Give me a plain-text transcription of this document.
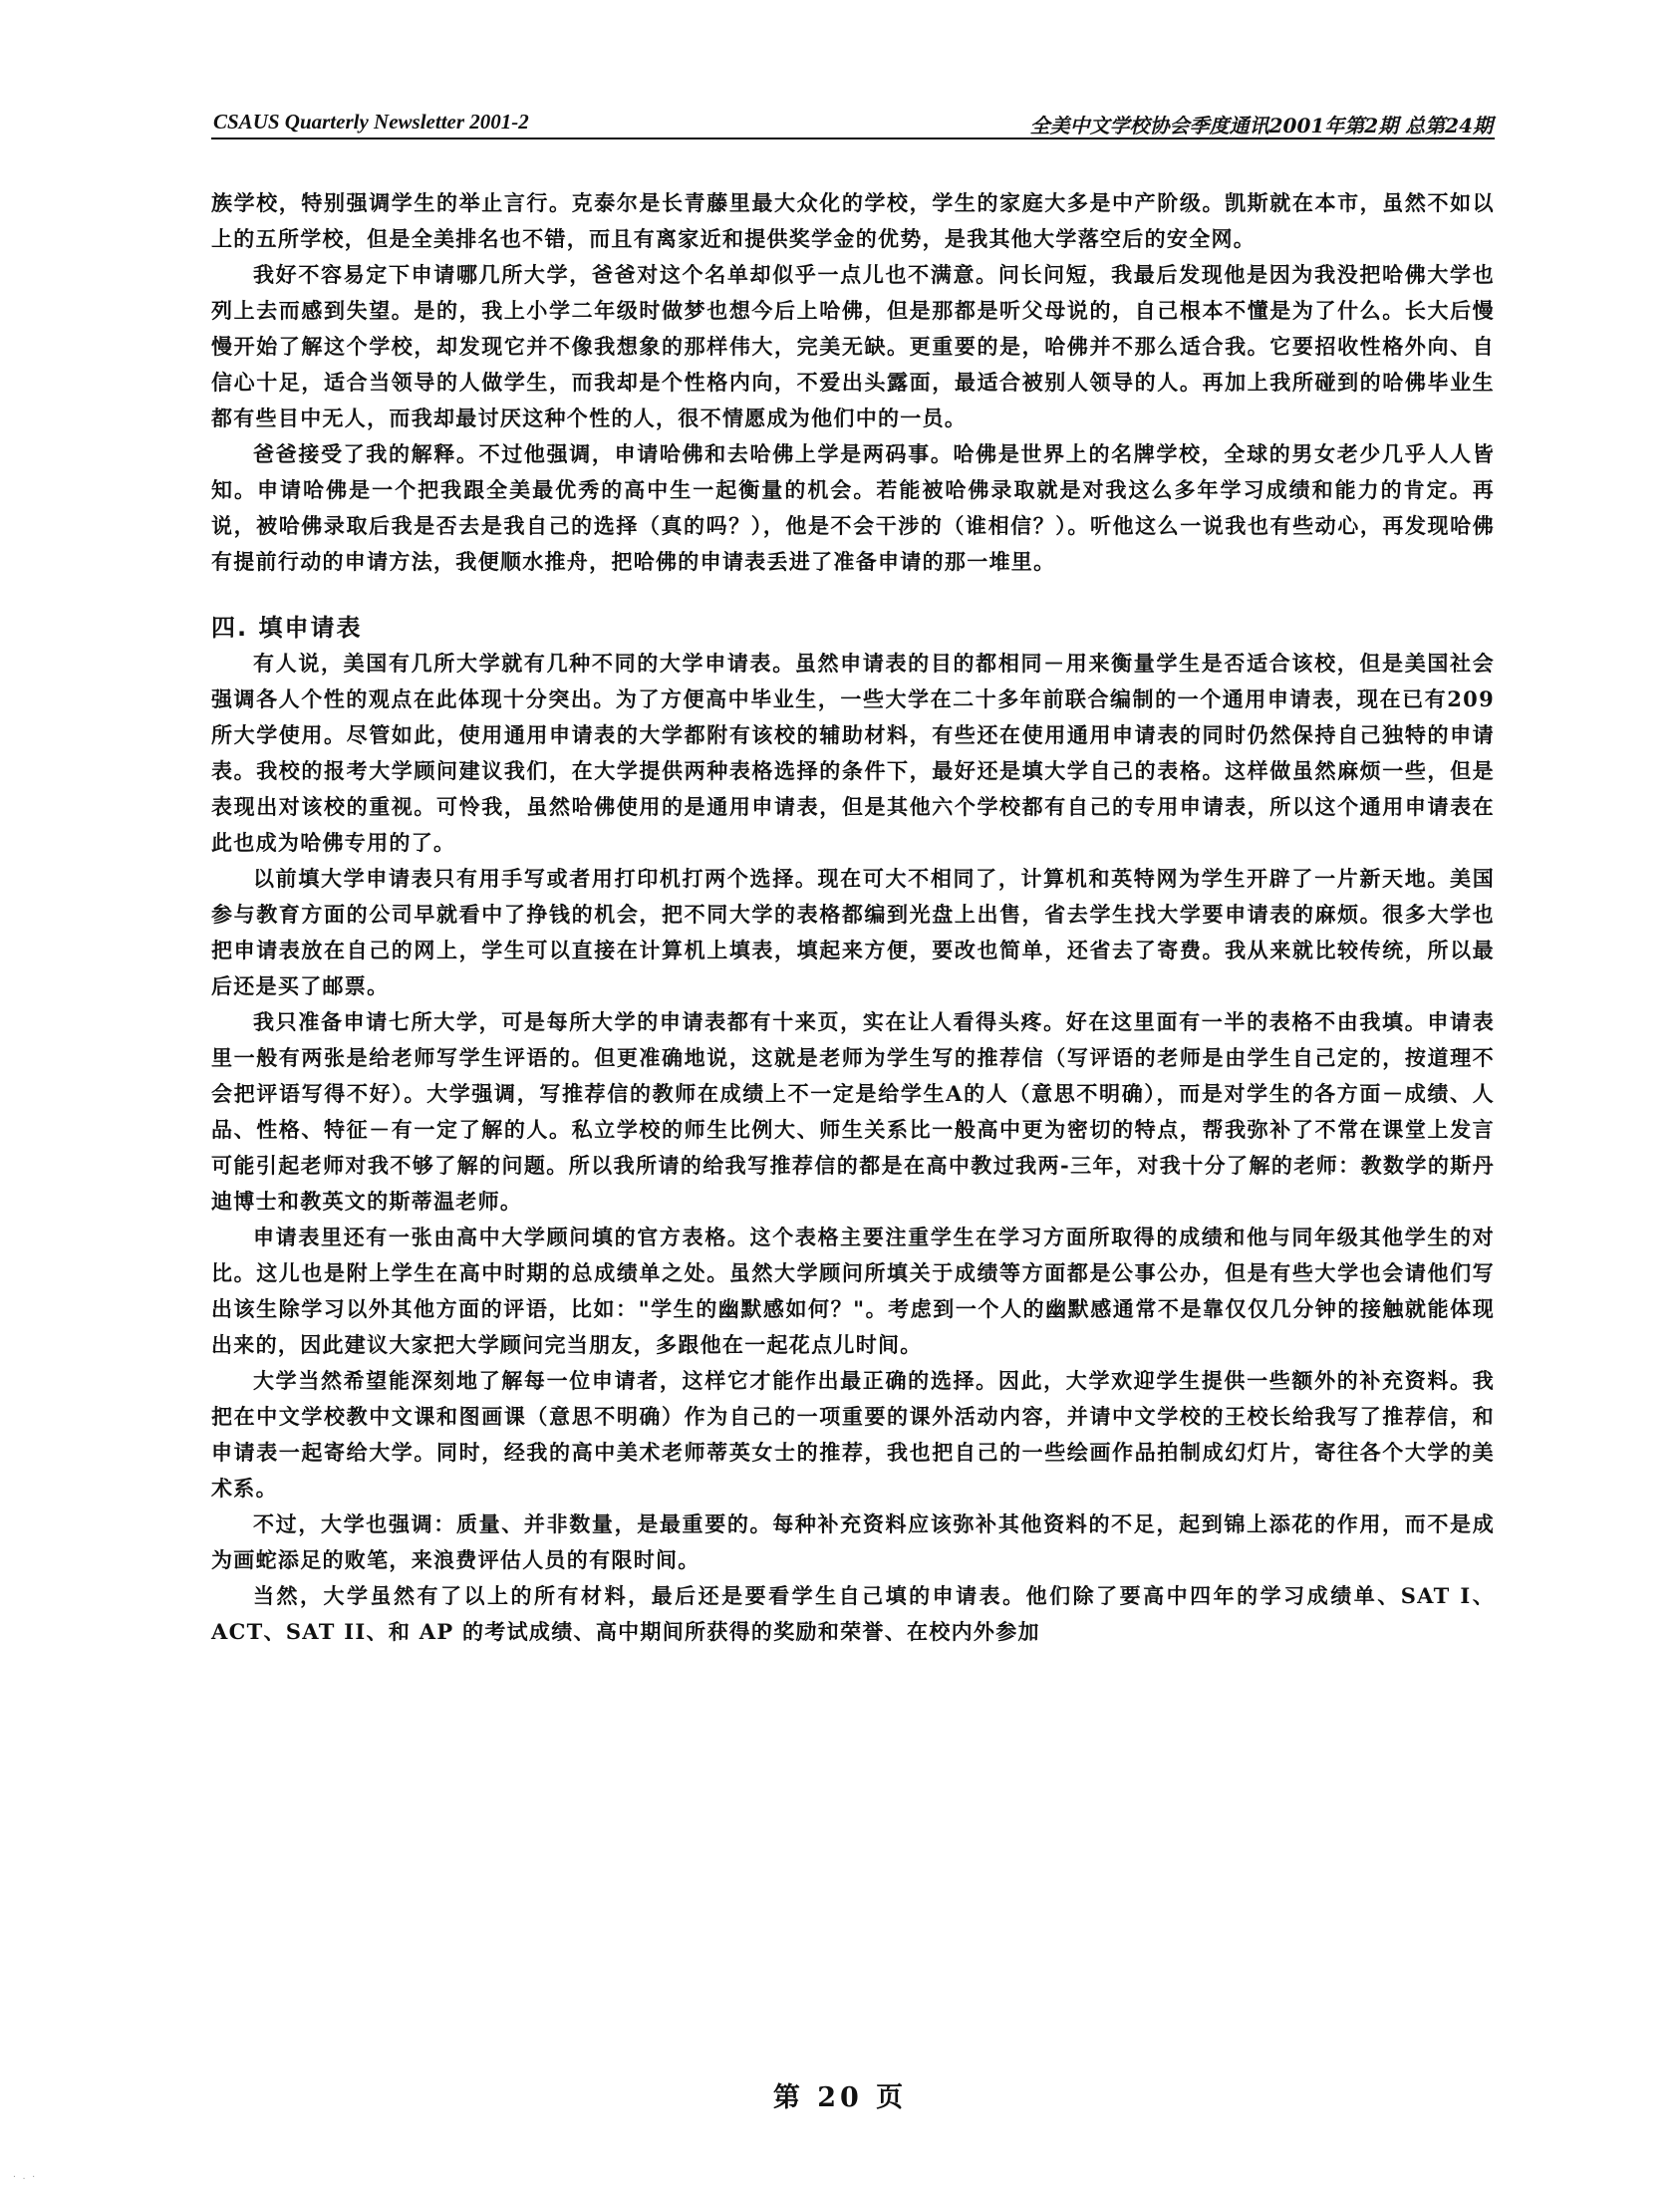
CSAUS Quarterly Newsletter 2001-2	全美中文学校协会季度通讯2001年第2期 总第24期

族学校，特别强调学生的举止言行。克泰尔是长青藤里最大众化的学校，学生的家庭大多是中产阶级。凯斯就在本市，虽然不如以上的五所学校，但是全美排名也不错，而且有离家近和提供奖学金的优势，是我其他大学落空后的安全网。

我好不容易定下申请哪几所大学，爸爸对这个名单却似乎一点儿也不满意。问长问短，我最后发现他是因为我没把哈佛大学也列上去而感到失望。是的，我上小学二年级时做梦也想今后上哈佛，但是那都是听父母说的，自己根本不懂是为了什么。长大后慢慢开始了解这个学校，却发现它并不像我想象的那样伟大，完美无缺。更重要的是，哈佛并不那么适合我。它要招收性格外向、自信心十足，适合当领导的人做学生，而我却是个性格内向，不爱出头露面，最适合被别人领导的人。再加上我所碰到的哈佛毕业生都有些目中无人，而我却最讨厌这种个性的人，很不情愿成为他们中的一员。

爸爸接受了我的解释。不过他强调，申请哈佛和去哈佛上学是两码事。哈佛是世界上的名牌学校，全球的男女老少几乎人人皆知。申请哈佛是一个把我跟全美最优秀的高中生一起衡量的机会。若能被哈佛录取就是对我这么多年学习成绩和能力的肯定。再说，被哈佛录取后我是否去是我自己的选择（真的吗？），他是不会干涉的（谁相信？）。听他这么一说我也有些动心，再发现哈佛有提前行动的申请方法，我便顺水推舟，把哈佛的申请表丢进了准备申请的那一堆里。

四. 填申请表

有人说，美国有几所大学就有几种不同的大学申请表。虽然申请表的目的都相同－用来衡量学生是否适合该校，但是美国社会强调各人个性的观点在此体现十分突出。为了方便高中毕业生，一些大学在二十多年前联合编制的一个通用申请表，现在已有209所大学使用。尽管如此，使用通用申请表的大学都附有该校的辅助材料，有些还在使用通用申请表的同时仍然保持自己独特的申请表。我校的报考大学顾问建议我们，在大学提供两种表格选择的条件下，最好还是填大学自己的表格。这样做虽然麻烦一些，但是表现出对该校的重视。可怜我，虽然哈佛使用的是通用申请表，但是其他六个学校都有自己的专用申请表，所以这个通用申请表在此也成为哈佛专用的了。

以前填大学申请表只有用手写或者用打印机打两个选择。现在可大不相同了，计算机和英特网为学生开辟了一片新天地。美国参与教育方面的公司早就看中了挣钱的机会，把不同大学的表格都编到光盘上出售，省去学生找大学要申请表的麻烦。很多大学也把申请表放在自己的网上，学生可以直接在计算机上填表，填起来方便，要改也简单，还省去了寄费。我从来就比较传统，所以最后还是买了邮票。

我只准备申请七所大学，可是每所大学的申请表都有十来页，实在让人看得头疼。好在这里面有一半的表格不由我填。申请表里一般有两张是给老师写学生评语的。但更准确地说，这就是老师为学生写的推荐信（写评语的老师是由学生自己定的，按道理不会把评语写得不好）。大学强调，写推荐信的教师在成绩上不一定是给学生A的人（意思不明确），而是对学生的各方面－成绩、人品、性格、特征－有一定了解的人。私立学校的师生比例大、师生关系比一般高中更为密切的特点，帮我弥补了不常在课堂上发言可能引起老师对我不够了解的问题。所以我所请的给我写推荐信的都是在高中教过我两-三年，对我十分了解的老师：教数学的斯丹迪博士和教英文的斯蒂温老师。

申请表里还有一张由高中大学顾问填的官方表格。这个表格主要注重学生在学习方面所取得的成绩和他与同年级其他学生的对比。这儿也是附上学生在高中时期的总成绩单之处。虽然大学顾问所填关于成绩等方面都是公事公办，但是有些大学也会请他们写出该生除学习以外其他方面的评语，比如："学生的幽默感如何？"。考虑到一个人的幽默感通常不是靠仅仅几分钟的接触就能体现出来的，因此建议大家把大学顾问完当朋友，多跟他在一起花点儿时间。

大学当然希望能深刻地了解每一位申请者，这样它才能作出最正确的选择。因此，大学欢迎学生提供一些额外的补充资料。我把在中文学校教中文课和图画课（意思不明确）作为自己的一项重要的课外活动内容，并请中文学校的王校长给我写了推荐信，和申请表一起寄给大学。同时，经我的高中美术老师蒂英女士的推荐，我也把自己的一些绘画作品拍制成幻灯片，寄往各个大学的美术系。

不过，大学也强调：质量、并非数量，是最重要的。每种补充资料应该弥补其他资料的不足，起到锦上添花的作用，而不是成为画蛇添足的败笔，来浪费评估人员的有限时间。

当然，大学虽然有了以上的所有材料，最后还是要看学生自己填的申请表。他们除了要高中四年的学习成绩单、SAT I、ACT、SAT II、和 AP 的考试成绩、高中期间所获得的奖励和荣誉、在校内外参加

第 20 页
· . ·
